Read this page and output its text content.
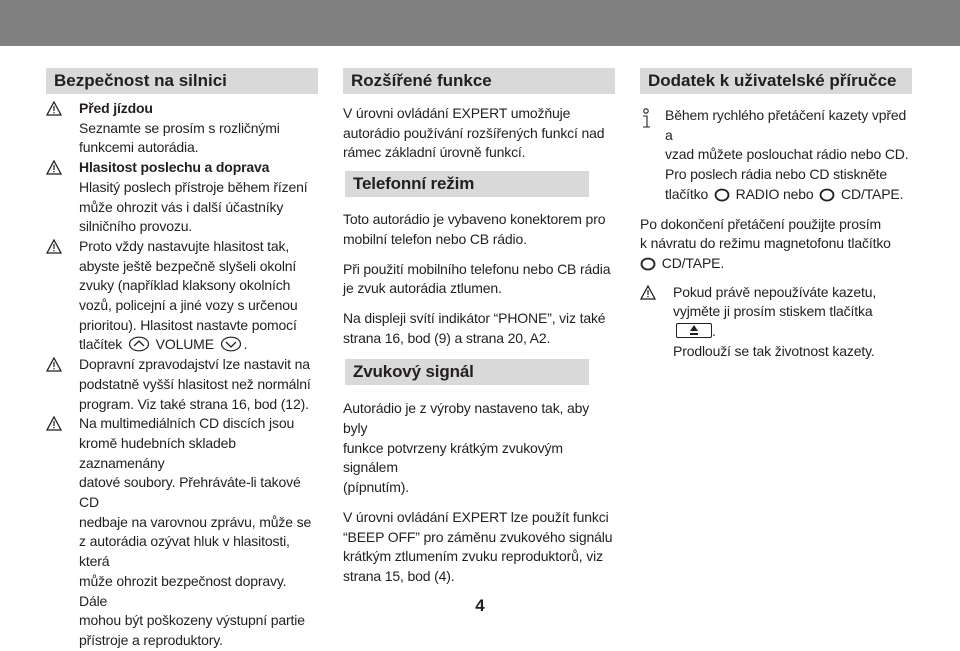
Bezpečnost na silnici

Před jízdou

Seznamte se prosím s rozličnými

funkcemi autorádia.

Hlasitost poslechu a doprava

Hlasitý poslech přístroje během řízení

může ohrozit vás i další účastníky

silničního provozu.

Proto vždy nastavujte hlasitost tak,

abyste ještě bezpečně slyšeli okolní

zvuky (například klaksony okolních

vozů, policejní a jiné vozy s určenou

prioritou). Hlasitost nastavte pomocí

tlačítek VOLUME .

Dopravní zpravodajství lze nastavit na

podstatně vyšší hlasitost než normální

program. Viz také strana 16, bod (12).

Na multimediálních CD discích jsou

kromě hudebních skladeb zaznamenány

datové soubory. Přehráváte-li takové CD

nedbaje na varovnou zprávu, může se

z autorádia ozývat hluk v hlasitosti, která

může ohrozit bezpečnost dopravy. Dále

mohou být poškozeny výstupní partie

přístroje a reproduktory.

Rozšířené funkce

V úrovni ovládání EXPERT umožňuje

autorádio používání rozšířených funkcí nad

rámec základní úrovně funkcí.

Telefonní režim

Toto autorádio je vybaveno konektorem pro

mobilní telefon nebo CB rádio.

Při použití mobilního telefonu nebo CB rádia

je zvuk autorádia ztlumen.

Na displeji svítí indikátor “PHONE”, viz také

strana 16, bod (9) a strana 20, A2.

Zvukový signál

Autorádio je z výroby nastaveno tak, aby byly

funkce potvrzeny krátkým zvukovým signálem

(pípnutím).

V úrovni ovládání EXPERT lze použít funkci

“BEEP OFF” pro záměnu zvukového signálu

krátkým ztlumením zvuku reproduktorů, viz

strana 15, bod (4).

Dodatek k uživatelské příručce

Během rychlého přetáčení kazety vpřed a

vzad můžete poslouchat rádio nebo CD.

Pro poslech rádia nebo CD stiskněte

tlačítko RADIO nebo CD/TAPE.

Po dokončení přetáčení použijte prosím

k návratu do režimu magnetofonu tlačítko

CD/TAPE.

Pokud právě nepoužíváte kazetu,

vyjměte ji prosím stiskem tlačítka
.

Prodlouží se tak životnost kazety.

4
